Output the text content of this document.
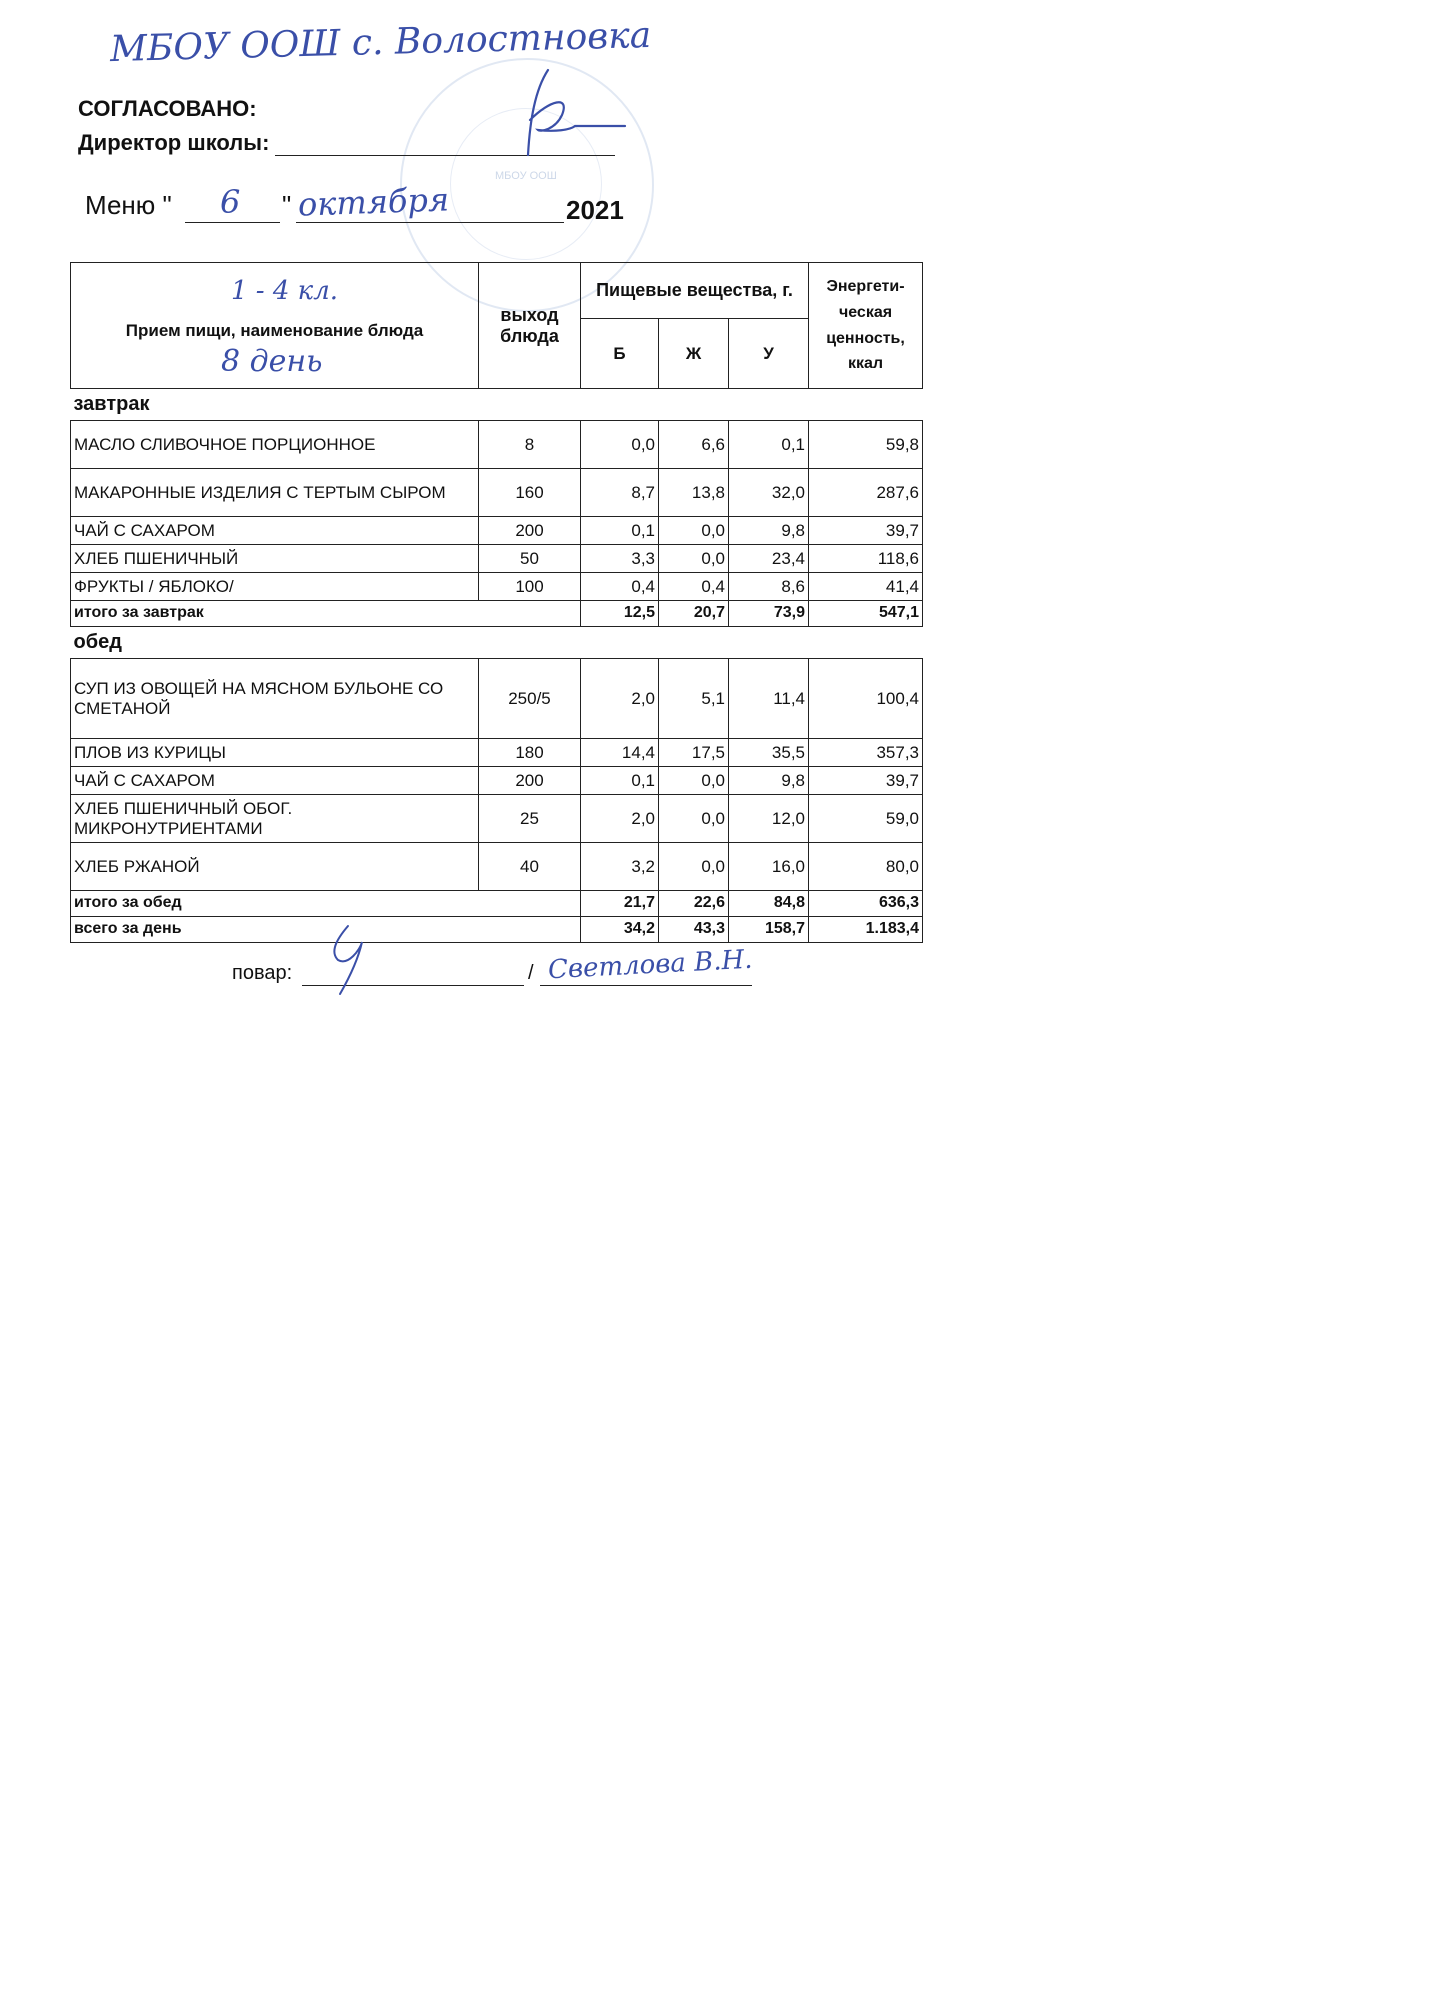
МБОУ ООШ с. Волостновка
МБОУ ООШ
СОГЛАСОВАНО:
Директор школы:
Меню " 6 " октября	2021
1 - 4 кл.
Прием пищи, наименование блюда
8 день	выход блюда	Пищевые вещества, г.			Энергети-ческая ценность, ккал
		Б	Ж	У	
завтрак					
МАСЛО СЛИВОЧНОЕ ПОРЦИОННОЕ	8	0,0	6,6	0,1	59,8
МАКАРОННЫЕ ИЗДЕЛИЯ С ТЕРТЫМ СЫРОМ	160	8,7	13,8	32,0	287,6
ЧАЙ С САХАРОМ	200	0,1	0,0	9,8	39,7
ХЛЕБ ПШЕНИЧНЫЙ	50	3,3	0,0	23,4	118,6
ФРУКТЫ / ЯБЛОКО/	100	0,4	0,4	8,6	41,4
итого за завтрак		12,5	20,7	73,9	547,1
обед					
СУП ИЗ ОВОЩЕЙ НА МЯСНОМ БУЛЬОНЕ СО СМЕТАНОЙ	250/5	2,0	5,1	11,4	100,4
ПЛОВ ИЗ КУРИЦЫ	180	14,4	17,5	35,5	357,3
ЧАЙ С САХАРОМ	200	0,1	0,0	9,8	39,7
ХЛЕБ ПШЕНИЧНЫЙ ОБОГ. МИКРОНУТРИЕНТАМИ	25	2,0	0,0	12,0	59,0
ХЛЕБ РЖАНОЙ	40	3,2	0,0	16,0	80,0
итого за обед		21,7	22,6	84,8	636,3
всего за день		34,2	43,3	158,7	1.183,4
повар:	/ Светлова В.Н.
